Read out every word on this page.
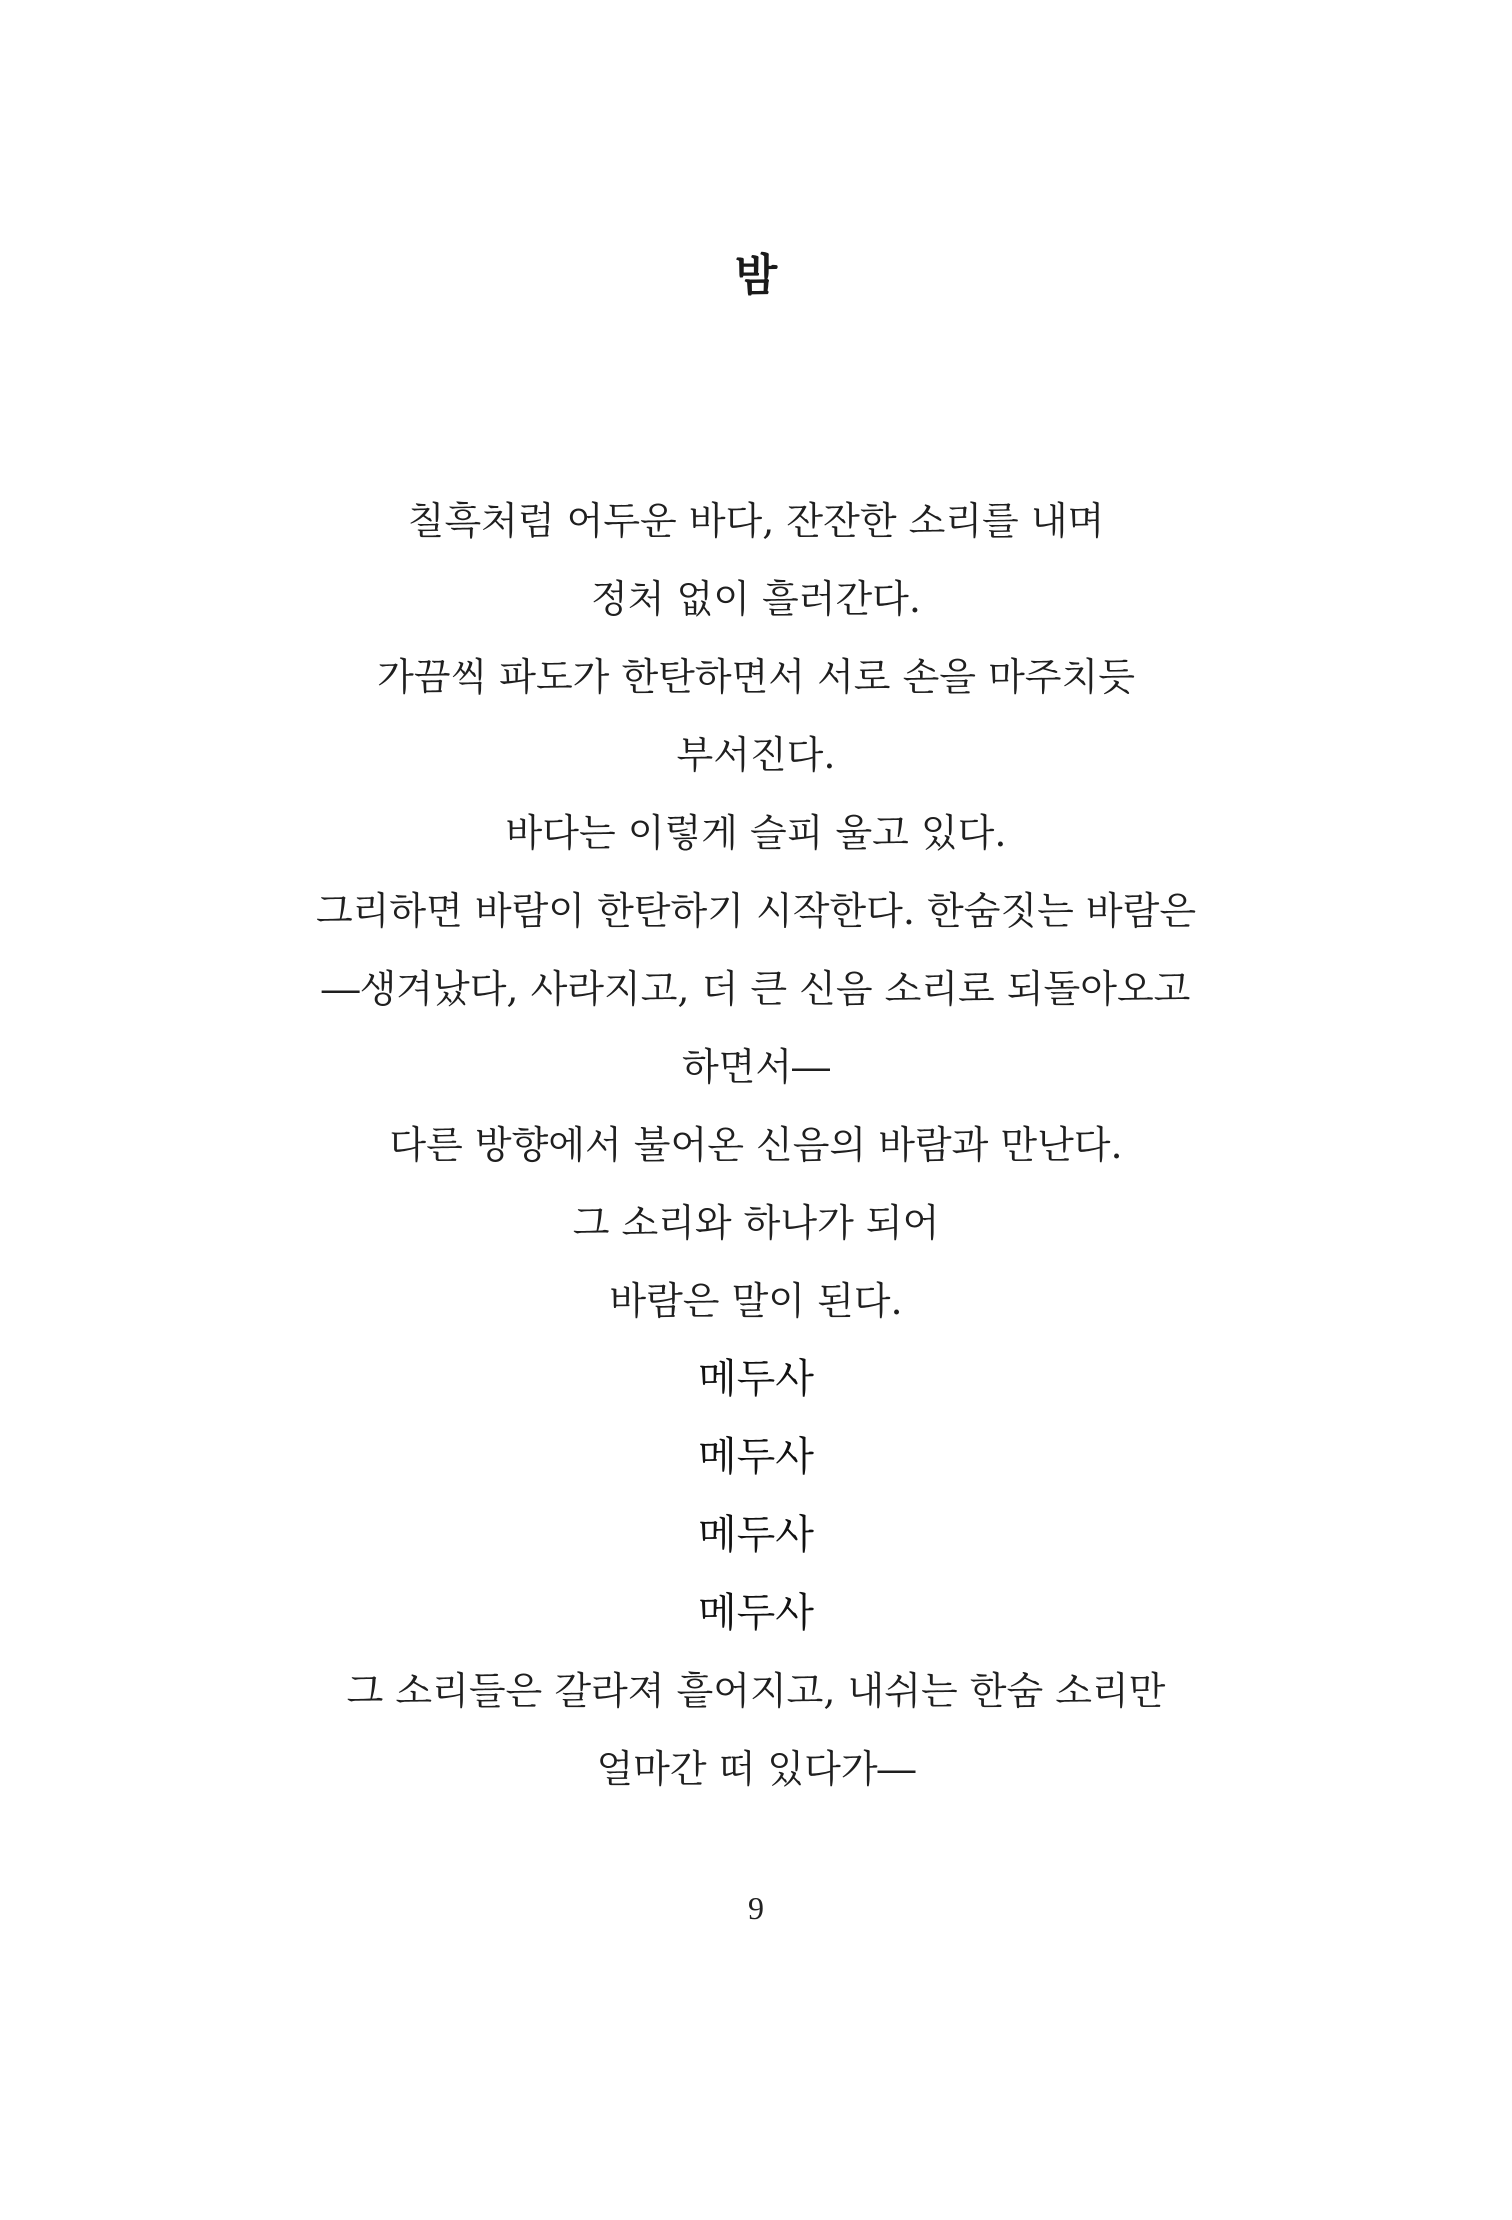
밤
칠흑처럼 어두운 바다, 잔잔한 소리를 내며
정처 없이 흘러간다.
가끔씩 파도가 한탄하면서 서로 손을 마주치듯
부서진다.
바다는 이렇게 슬피 울고 있다.
그리하면 바람이 한탄하기 시작한다. 한숨짓는 바람은
―생겨났다, 사라지고, 더 큰 신음 소리로 되돌아오고
하면서―
다른 방향에서 불어온 신음의 바람과 만난다.
그 소리와 하나가 되어
바람은 말이 된다.
메두사
메두사
메두사
메두사
그 소리들은 갈라져 흩어지고, 내쉬는 한숨 소리만
얼마간 떠 있다가―
9
